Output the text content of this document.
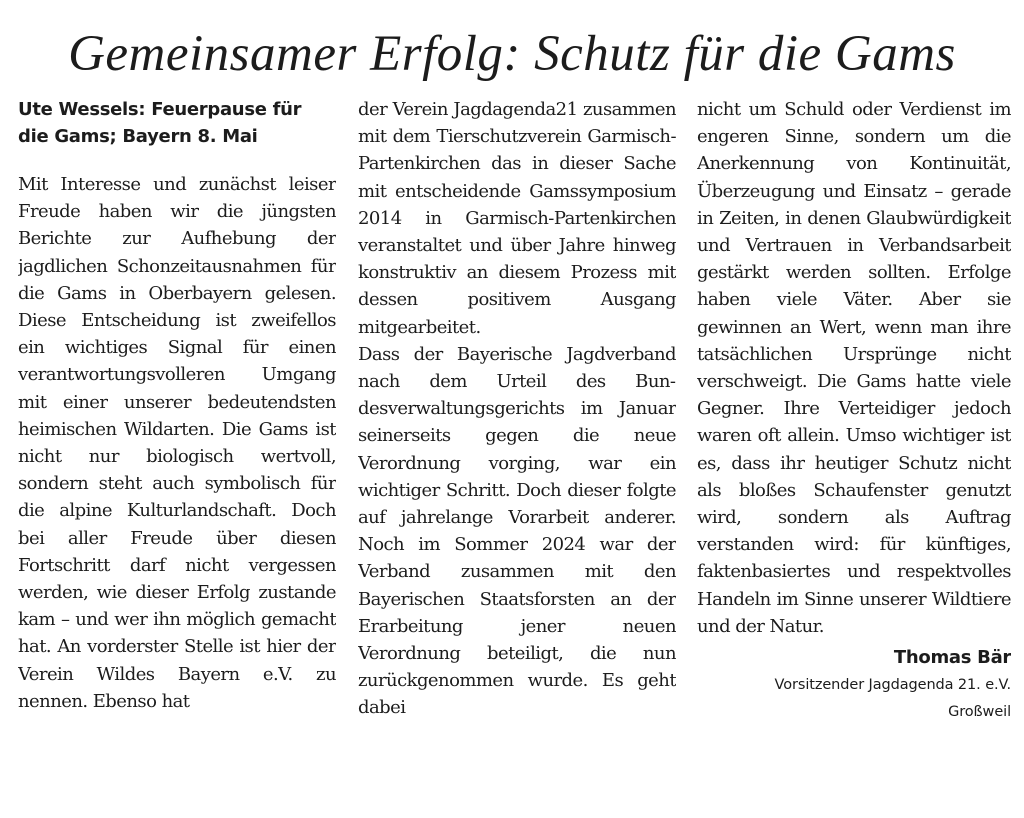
Gemeinsamer Erfolg: Schutz für die Gams

Ute Wessels: Feuerpause für die Gams; Bayern 8. Mai

Mit Interesse und zunächst leiser Freude haben wir die jüngsten Berichte zur Aufhebung der jagdlichen Schonzeitausnahmen für die Gams in Oberbayern gelesen. Diese Entscheidung ist zweifellos ein wichtiges Signal für einen verantwortungsvolleren Umgang mit einer unserer bedeutendsten heimischen Wildarten. Die Gams ist nicht nur biologisch wertvoll, sondern steht auch symbolisch für die alpine Kulturlandschaft. Doch bei aller Freude über diesen Fortschritt darf nicht vergessen werden, wie dieser Erfolg zustande kam – und wer ihn möglich gemacht hat. An vorderster Stelle ist hier der Verein Wildes Bayern e.V. zu nennen. Ebenso hat

der Verein Jagdagenda21 zusammen mit dem Tierschutzverein Garmisch-Partenkirchen das in dieser Sache mit entscheidende Gamssymposium 2014 in Garmisch-Partenkirchen veranstaltet und über Jahre hinweg konstruktiv an diesem Prozess mit dessen positivem Ausgang mitgearbeitet.

Dass der Bayerische Jagdverband nach dem Urteil des Bundesverwaltungsgerichts im Januar seinerseits gegen die neue Verordnung vorging, war ein wichtiger Schritt. Doch dieser folgte auf jahrelange Vorarbeit anderer. Noch im Sommer 2024 war der Verband zusammen mit den Bayerischen Staatsforsten an der Erarbeitung jener neuen Verordnung beteiligt, die nun zurückgenommen wurde. Es geht dabei

nicht um Schuld oder Verdienst im engeren Sinne, sondern um die Anerkennung von Kontinuität, Überzeugung und Einsatz – gerade in Zeiten, in denen Glaubwürdigkeit und Vertrauen in Verbandsarbeit gestärkt werden sollten. Erfolge haben viele Väter. Aber sie gewinnen an Wert, wenn man ihre tatsächlichen Ursprünge nicht verschweigt. Die Gams hatte viele Gegner. Ihre Verteidiger jedoch waren oft allein. Umso wichtiger ist es, dass ihr heutiger Schutz nicht als bloßes Schaufenster genutzt wird, sondern als Auftrag verstanden wird: für künftiges, faktenbasiertes und respektvolles Handeln im Sinne unserer Wildtiere und der Natur.

Thomas Bär
Vorsitzender Jagdagenda 21. e.V.
Großweil
